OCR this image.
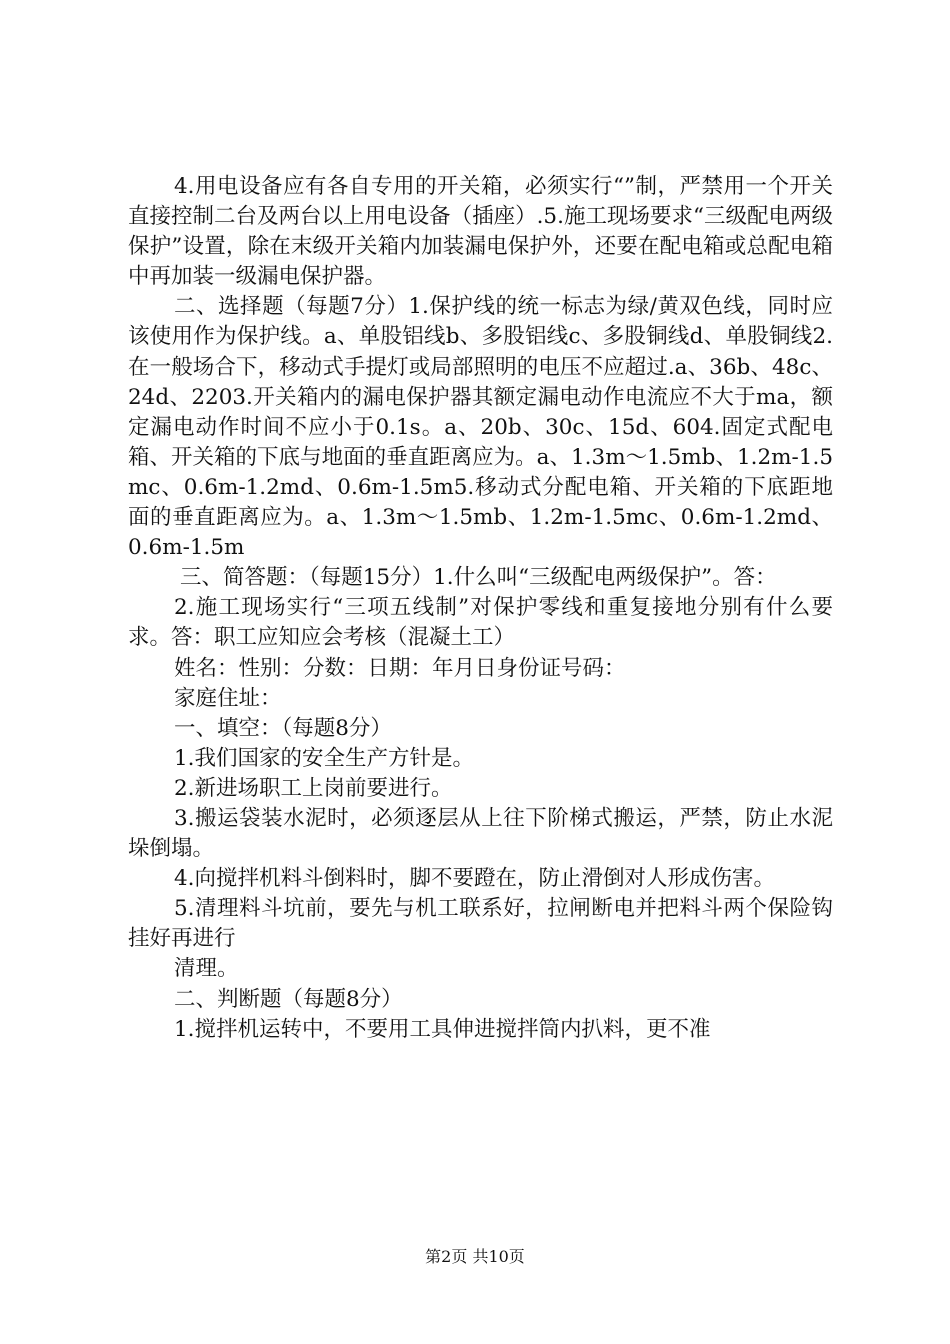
4.用电设备应有各自专用的开关箱，必须实行“”制，严禁用一个开关直接控制二台及两台以上用电设备（插座）.5.施工现场要求“三级配电两级保护”设置，除在末级开关箱内加装漏电保护外，还要在配电箱或总配电箱中再加装一级漏电保护器。

二、选择题（每题7分）1.保护线的统一标志为绿/黄双色线，同时应该使用作为保护线。a、单股铝线b、多股铝线c、多股铜线d、单股铜线2.在一般场合下，移动式手提灯或局部照明的电压不应超过.a、36b、48c、24d、2203.开关箱内的漏电保护器其额定漏电动作电流应不大于ma，额定漏电动作时间不应小于0.1s。a、20b、30c、15d、604.固定式配电箱、开关箱的下底与地面的垂直距离应为。a、1.3m～1.5mb、1.2m-1.5mc、0.6m-1.2md、0.6m-1.5m5.移动式分配电箱、开关箱的下底距地面的垂直距离应为。a、1.3m～1.5mb、1.2m-1.5mc、0.6m-1.2md、0.6m-1.5m

三、简答题：（每题15分）1.什么叫“三级配电两级保护”。答：

2.施工现场实行“三项五线制”对保护零线和重复接地分别有什么要求。答：职工应知应会考核（混凝土工）

姓名：性别：分数：日期：年月日身份证号码：

家庭住址：

一、填空：（每题8分）

1.我们国家的安全生产方针是。

2.新进场职工上岗前要进行。

3.搬运袋装水泥时，必须逐层从上往下阶梯式搬运，严禁，防止水泥垛倒塌。

4.向搅拌机料斗倒料时，脚不要蹬在，防止滑倒对人形成伤害。

5.清理料斗坑前，要先与机工联系好，拉闸断电并把料斗两个保险钩挂好再进行

清理。

二、判断题（每题8分）

1.搅拌机运转中，不要用工具伸进搅拌筒内扒料，更不准

第2页 共10页
